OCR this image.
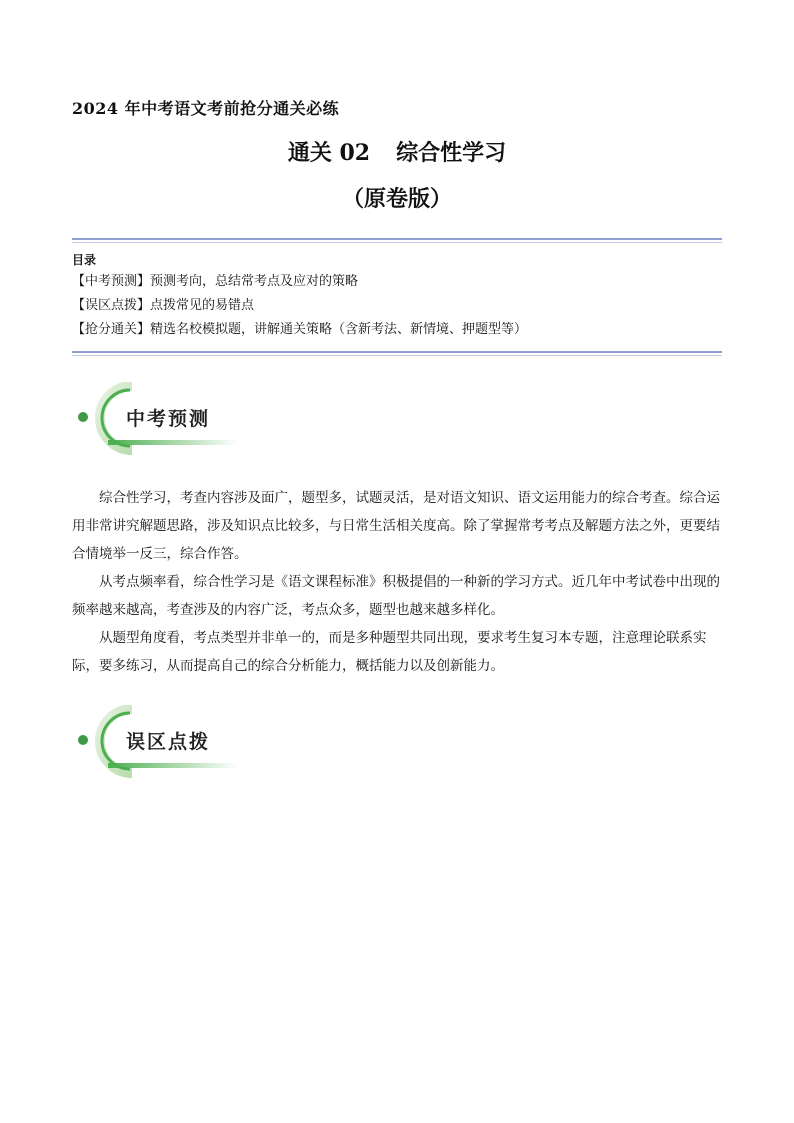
2024 年中考语文考前抢分通关必练
通关 02 综合性学习
（原卷版）
目录
【中考预测】预测考向，总结常考点及应对的策略
【误区点拨】点拨常见的易错点
【抢分通关】精选名校模拟题，讲解通关策略（含新考法、新情境、押题型等）
中考预测

综合性学习，考查内容涉及面广，题型多，试题灵活，是对语文知识、语文运用能力的综合考查。综合运用非常讲究解题思路，涉及知识点比较多，与日常生活相关度高。除了掌握常考考点及解题方法之外，更要结合情境举一反三，综合作答。

从考点频率看，综合性学习是《语文课程标准》积极提倡的一种新的学习方式。近几年中考试卷中出现的频率越来越高，考查涉及的内容广泛，考点众多，题型也越来越多样化。

从题型角度看，考点类型并非单一的，而是多种题型共同出现，要求考生复习本专题，注意理论联系实际，要多练习，从而提高自己的综合分析能力，概括能力以及创新能力。

误区点拨
